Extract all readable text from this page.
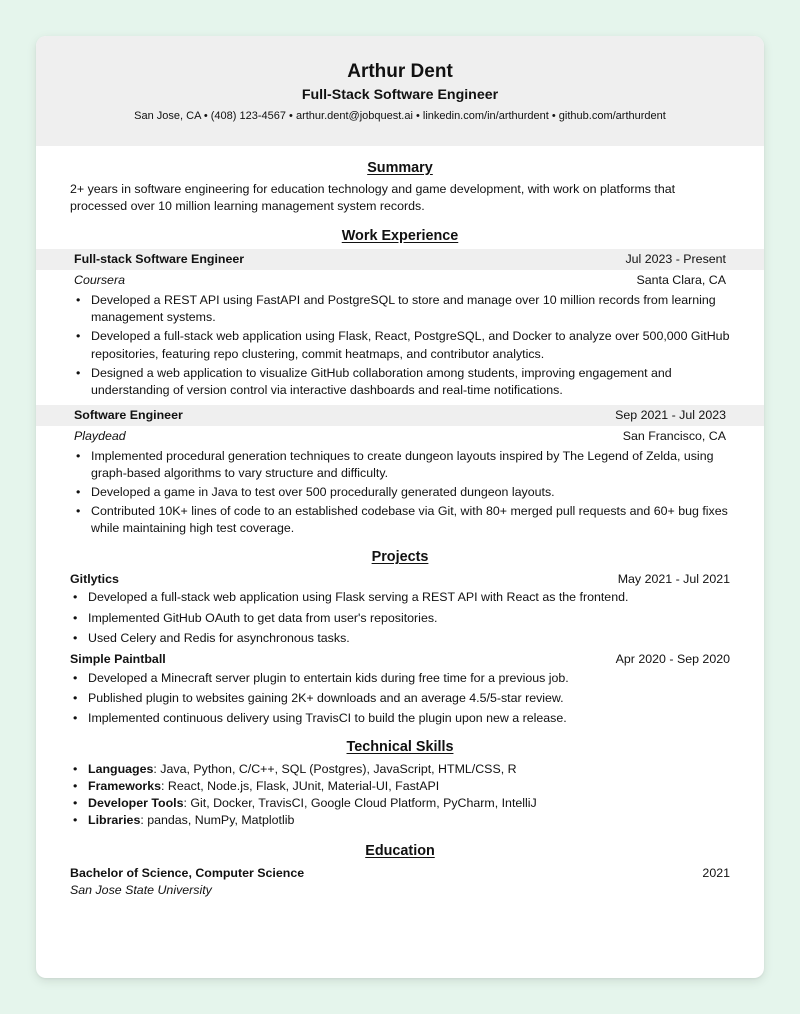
Arthur Dent
Full-Stack Software Engineer
San Jose, CA • (408) 123-4567 • arthur.dent@jobquest.ai • linkedin.com/in/arthurdent • github.com/arthurdent
Summary
2+ years in software engineering for education technology and game development, with work on platforms that processed over 10 million learning management system records.
Work Experience
Full-stack Software Engineer	Jul 2023 - Present
Coursera	Santa Clara, CA
• Developed a REST API using FastAPI and PostgreSQL to store and manage over 10 million records from learning management systems.
• Developed a full-stack web application using Flask, React, PostgreSQL, and Docker to analyze over 500,000 GitHub repositories, featuring repo clustering, commit heatmaps, and contributor analytics.
• Designed a web application to visualize GitHub collaboration among students, improving engagement and understanding of version control via interactive dashboards and real-time notifications.
Software Engineer	Sep 2021 - Jul 2023
Playdead	San Francisco, CA
• Implemented procedural generation techniques to create dungeon layouts inspired by The Legend of Zelda, using graph-based algorithms to vary structure and difficulty.
• Developed a game in Java to test over 500 procedurally generated dungeon layouts.
• Contributed 10K+ lines of code to an established codebase via Git, with 80+ merged pull requests and 60+ bug fixes while maintaining high test coverage.
Projects
Gitlytics	May 2021 - Jul 2021
• Developed a full-stack web application using Flask serving a REST API with React as the frontend.
• Implemented GitHub OAuth to get data from user's repositories.
• Used Celery and Redis for asynchronous tasks.
Simple Paintball	Apr 2020 - Sep 2020
• Developed a Minecraft server plugin to entertain kids during free time for a previous job.
• Published plugin to websites gaining 2K+ downloads and an average 4.5/5-star review.
• Implemented continuous delivery using TravisCI to build the plugin upon new a release.
Technical Skills
• Languages: Java, Python, C/C++, SQL (Postgres), JavaScript, HTML/CSS, R
• Frameworks: React, Node.js, Flask, JUnit, Material-UI, FastAPI
• Developer Tools: Git, Docker, TravisCI, Google Cloud Platform, PyCharm, IntelliJ
• Libraries: pandas, NumPy, Matplotlib
Education
Bachelor of Science, Computer Science	2021
San Jose State University
